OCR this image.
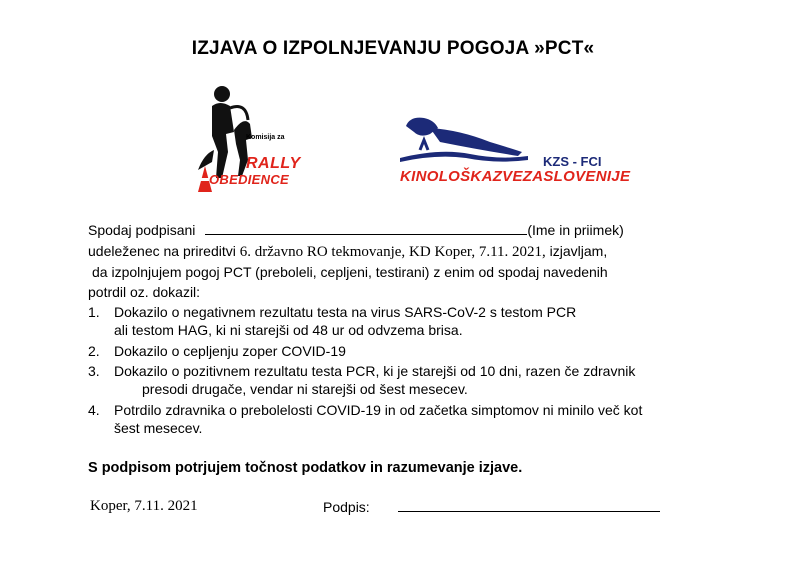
IZJAVA O IZPOLNJEVANJU POGOJA »PCT«
Komisija za
RALLY
OBEDIENCE
KZS - FCI
KINOLOŠKAZVEZASLOVENIJE
Spodaj podpisani	(Ime in priimek)
udeleženec na prireditvi 6. državno RO tekmovanje, KD Koper, 7.11. 2021, izjavljam,
da izpolnjujem pogoj PCT (preboleli, cepljeni, testirani) z enim od spodaj navedenih
potrdil oz. dokazil:
1. Dokazilo o negativnem rezultatu testa na virus SARS-CoV-2 s testom PCR
ali testom HAG, ki ni starejši od 48 ur od odvzema brisa.
2. Dokazilo o cepljenju zoper COVID-19
3. Dokazilo o pozitivnem rezultatu testa PCR, ki je starejši od 10 dni, razen če zdravnik
presodi drugače, vendar ni starejši od šest mesecev.
4. Potrdilo zdravnika o prebolelosti COVID-19 in od začetka simptomov ni minilo več kot
šest mesecev.
S podpisom potrjujem točnost podatkov in razumevanje izjave.
Koper, 7.11. 2021	Podpis:
